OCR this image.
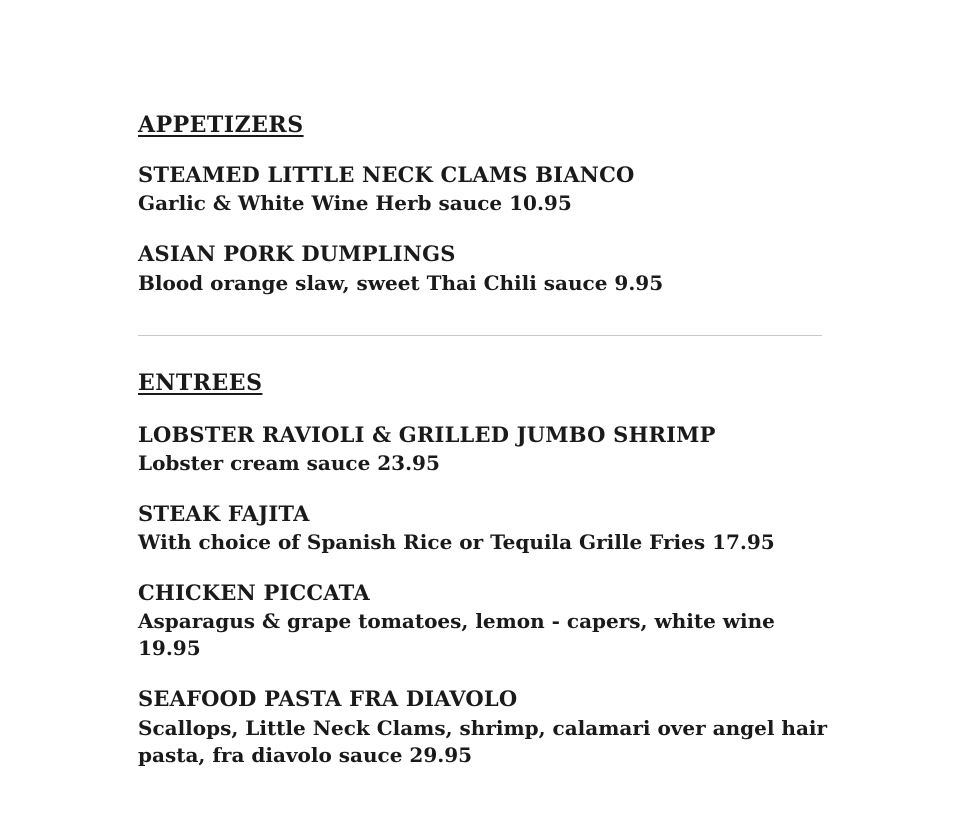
APPETIZERS
STEAMED LITTLE NECK CLAMS BIANCO
Garlic & White Wine Herb sauce 10.95
ASIAN PORK DUMPLINGS
Blood orange slaw, sweet Thai Chili sauce 9.95
ENTREES
LOBSTER RAVIOLI & GRILLED JUMBO SHRIMP
Lobster cream sauce 23.95
STEAK FAJITA
With choice of Spanish Rice or Tequila Grille Fries 17.95
CHICKEN PICCATA
Asparagus & grape tomatoes, lemon - capers, white wine 19.95
SEAFOOD PASTA FRA DIAVOLO
Scallops, Little Neck Clams, shrimp, calamari over angel hair pasta, fra diavolo sauce 29.95
